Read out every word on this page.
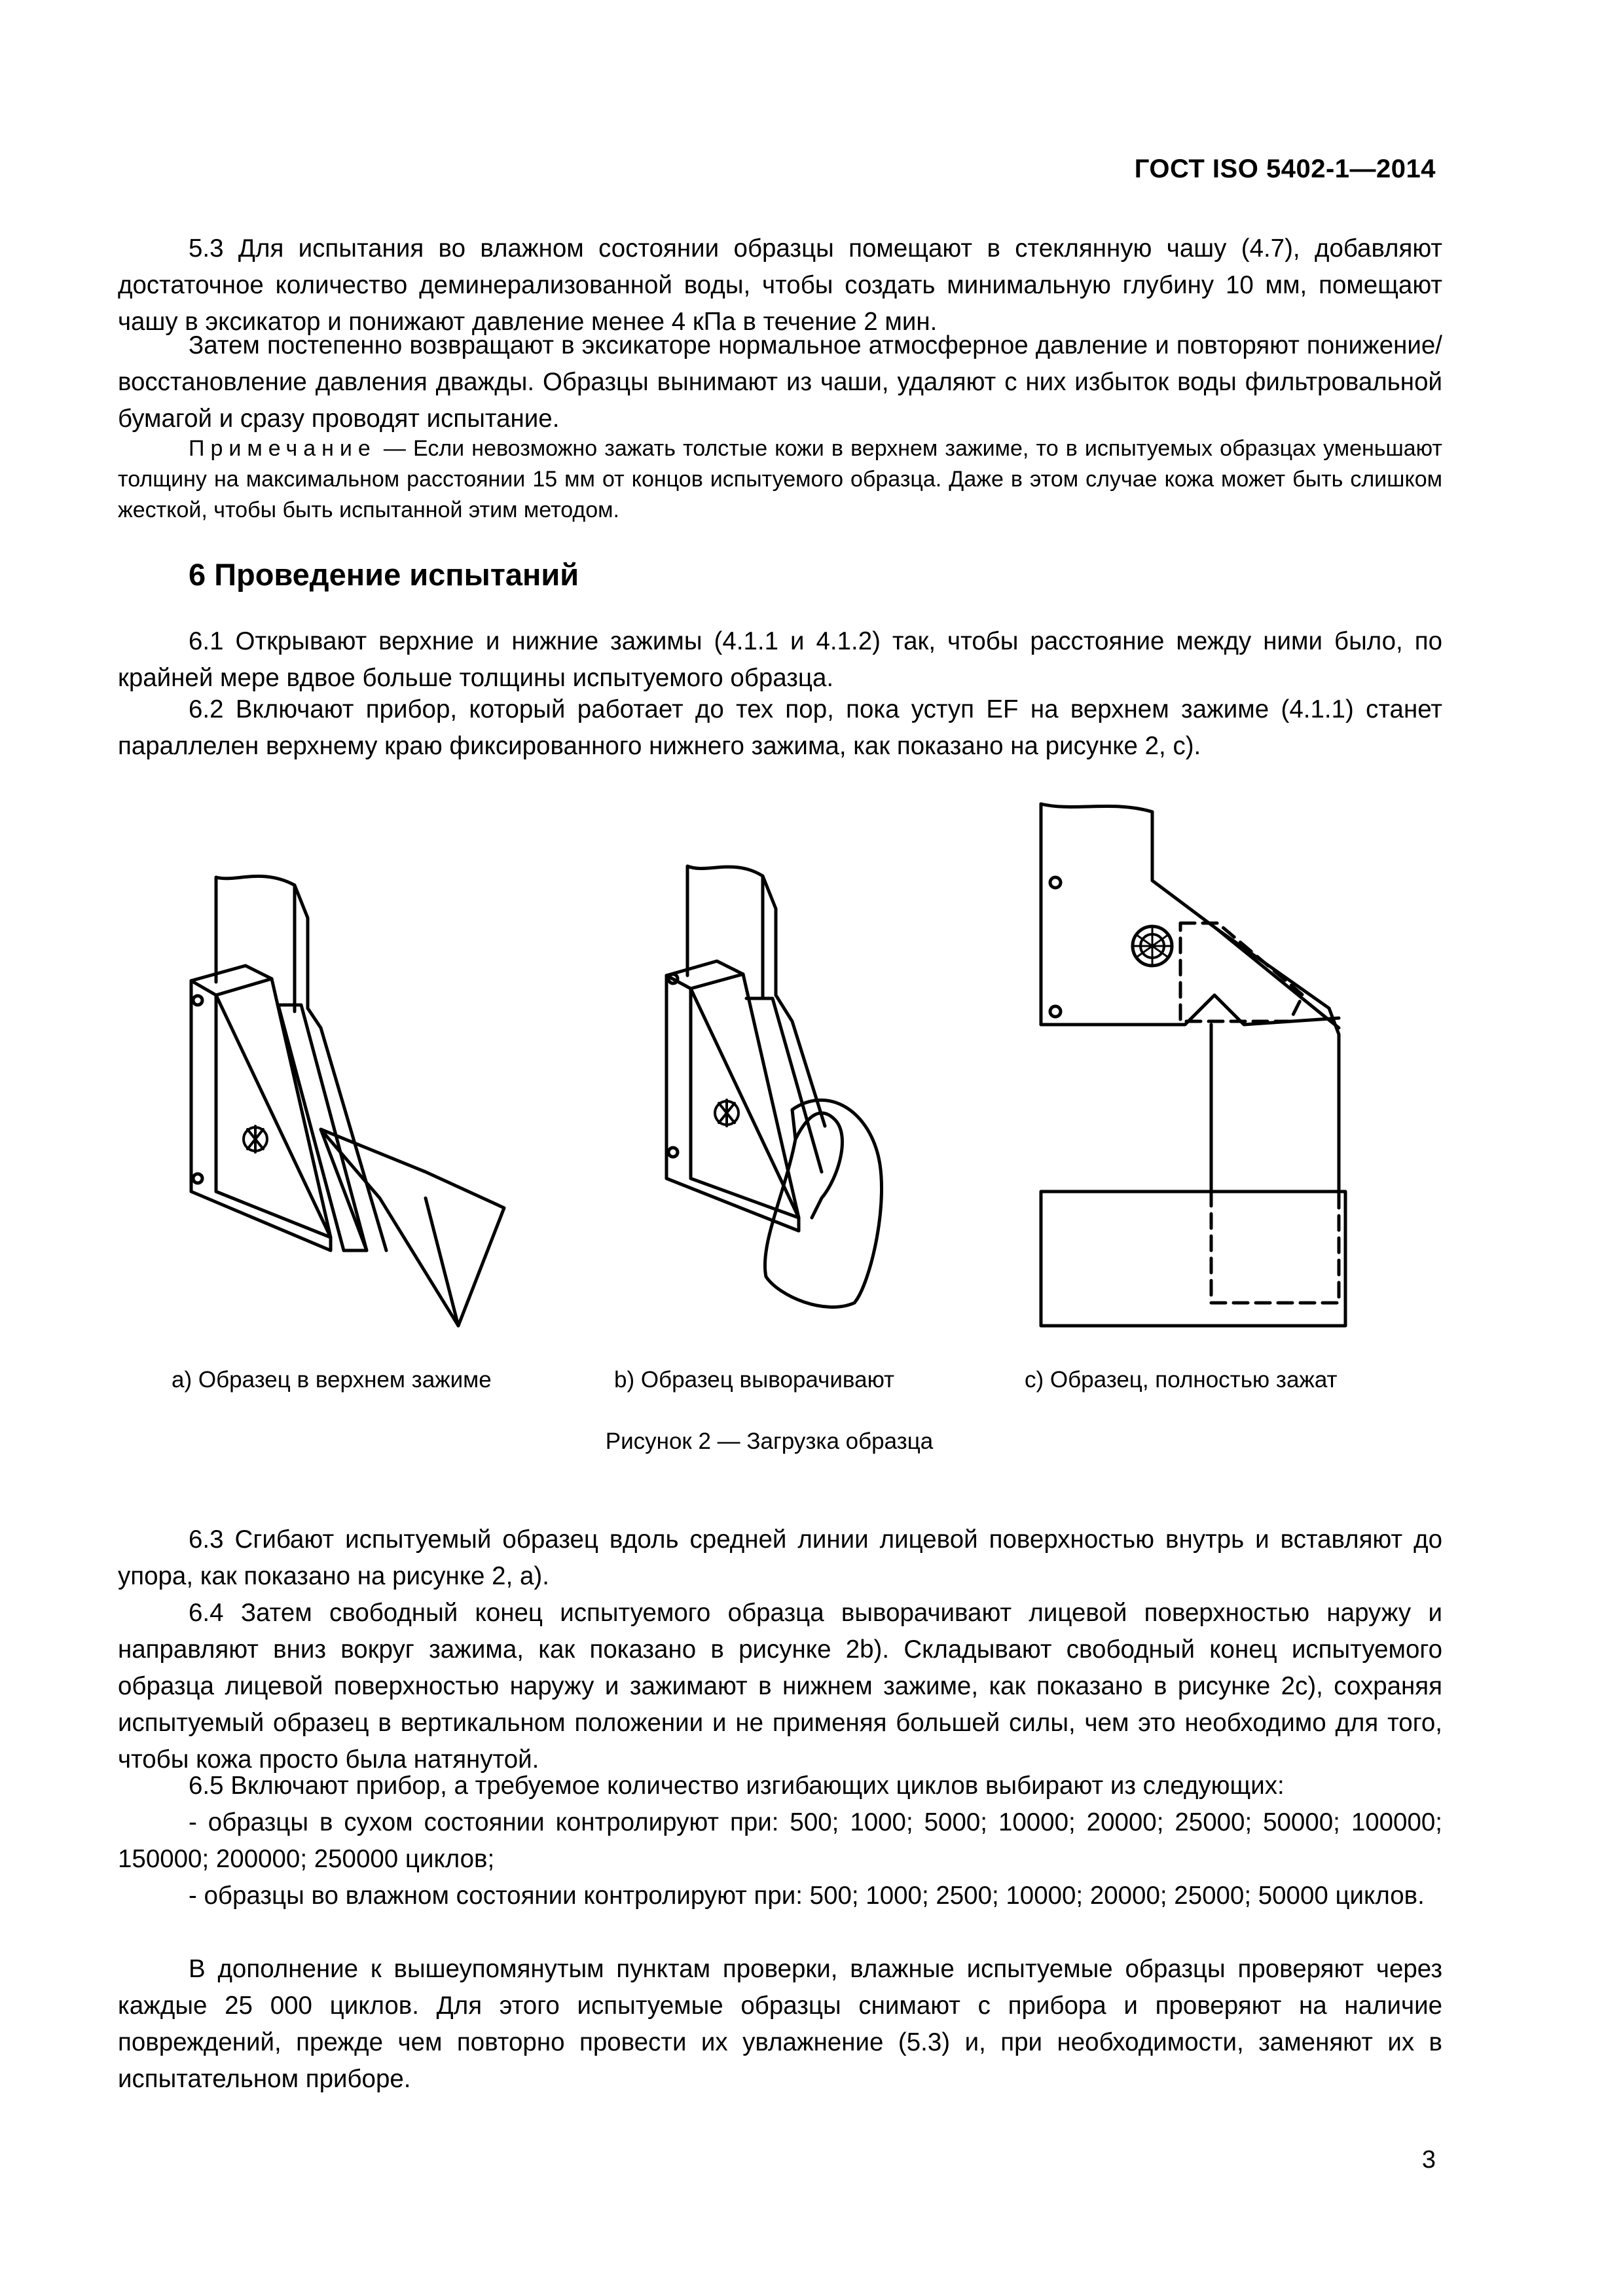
ГОСТ ISO 5402-1—2014

5.3 Для испытания во влажном состоянии образцы помещают в стеклянную чашу (4.7), добавляют достаточное количество деминерализованной воды, чтобы создать минимальную глубину 10 мм, помещают чашу в эксикатор и понижают давление менее 4 кПа в течение 2 мин.

Затем постепенно возвращают в эксикаторе нормальное атмосферное давление и повторяют понижение/восстановление давления дважды. Образцы вынимают из чаши, удаляют с них избыток воды фильтровальной бумагой и сразу проводят испытание.

Примечание — Если невозможно зажать толстые кожи в верхнем зажиме, то в испытуемых образцах уменьшают толщину на максимальном расстоянии 15 мм от концов испытуемого образца. Даже в этом случае кожа может быть слишком жесткой, чтобы быть испытанной этим методом.

6 Проведение испытаний

6.1 Открывают верхние и нижние зажимы (4.1.1 и 4.1.2) так, чтобы расстояние между ними было, по крайней мере вдвое больше толщины испытуемого образца.

6.2 Включают прибор, который работает до тех пор, пока уступ EF на верхнем зажиме (4.1.1) станет параллелен верхнему краю фиксированного нижнего зажима, как показано на рисунке 2, с).

а) Образец в верхнем зажиме	b) Образец выворачивают	с) Образец, полностью зажат
Рисунок 2 — Загрузка образца

6.3 Сгибают испытуемый образец вдоль средней линии лицевой поверхностью внутрь и вставляют до упора, как показано на рисунке 2, а).

6.4 Затем свободный конец испытуемого образца выворачивают лицевой поверхностью наружу и направляют вниз вокруг зажима, как показано в рисунке 2b). Складывают свободный конец испытуемого образца лицевой поверхностью наружу и зажимают в нижнем зажиме, как показано в рисунке 2c), сохраняя испытуемый образец в вертикальном положении и не применяя большей силы, чем это необходимо для того, чтобы кожа просто была натянутой.

6.5 Включают прибор, а требуемое количество изгибающих циклов выбирают из следующих:

- образцы в сухом состоянии контролируют при: 500; 1000; 5000; 10000; 20000; 25000; 50000; 100000; 150000; 200000; 250000 циклов;

- образцы во влажном состоянии контролируют при: 500; 1000; 2500; 10000; 20000; 25000; 50000 циклов.

В дополнение к вышеупомянутым пунктам проверки, влажные испытуемые образцы проверяют через каждые 25 000 циклов. Для этого испытуемые образцы снимают с прибора и проверяют на наличие повреждений, прежде чем повторно провести их увлажнение (5.3) и, при необходимости, заменяют их в испытательном приборе.

3
